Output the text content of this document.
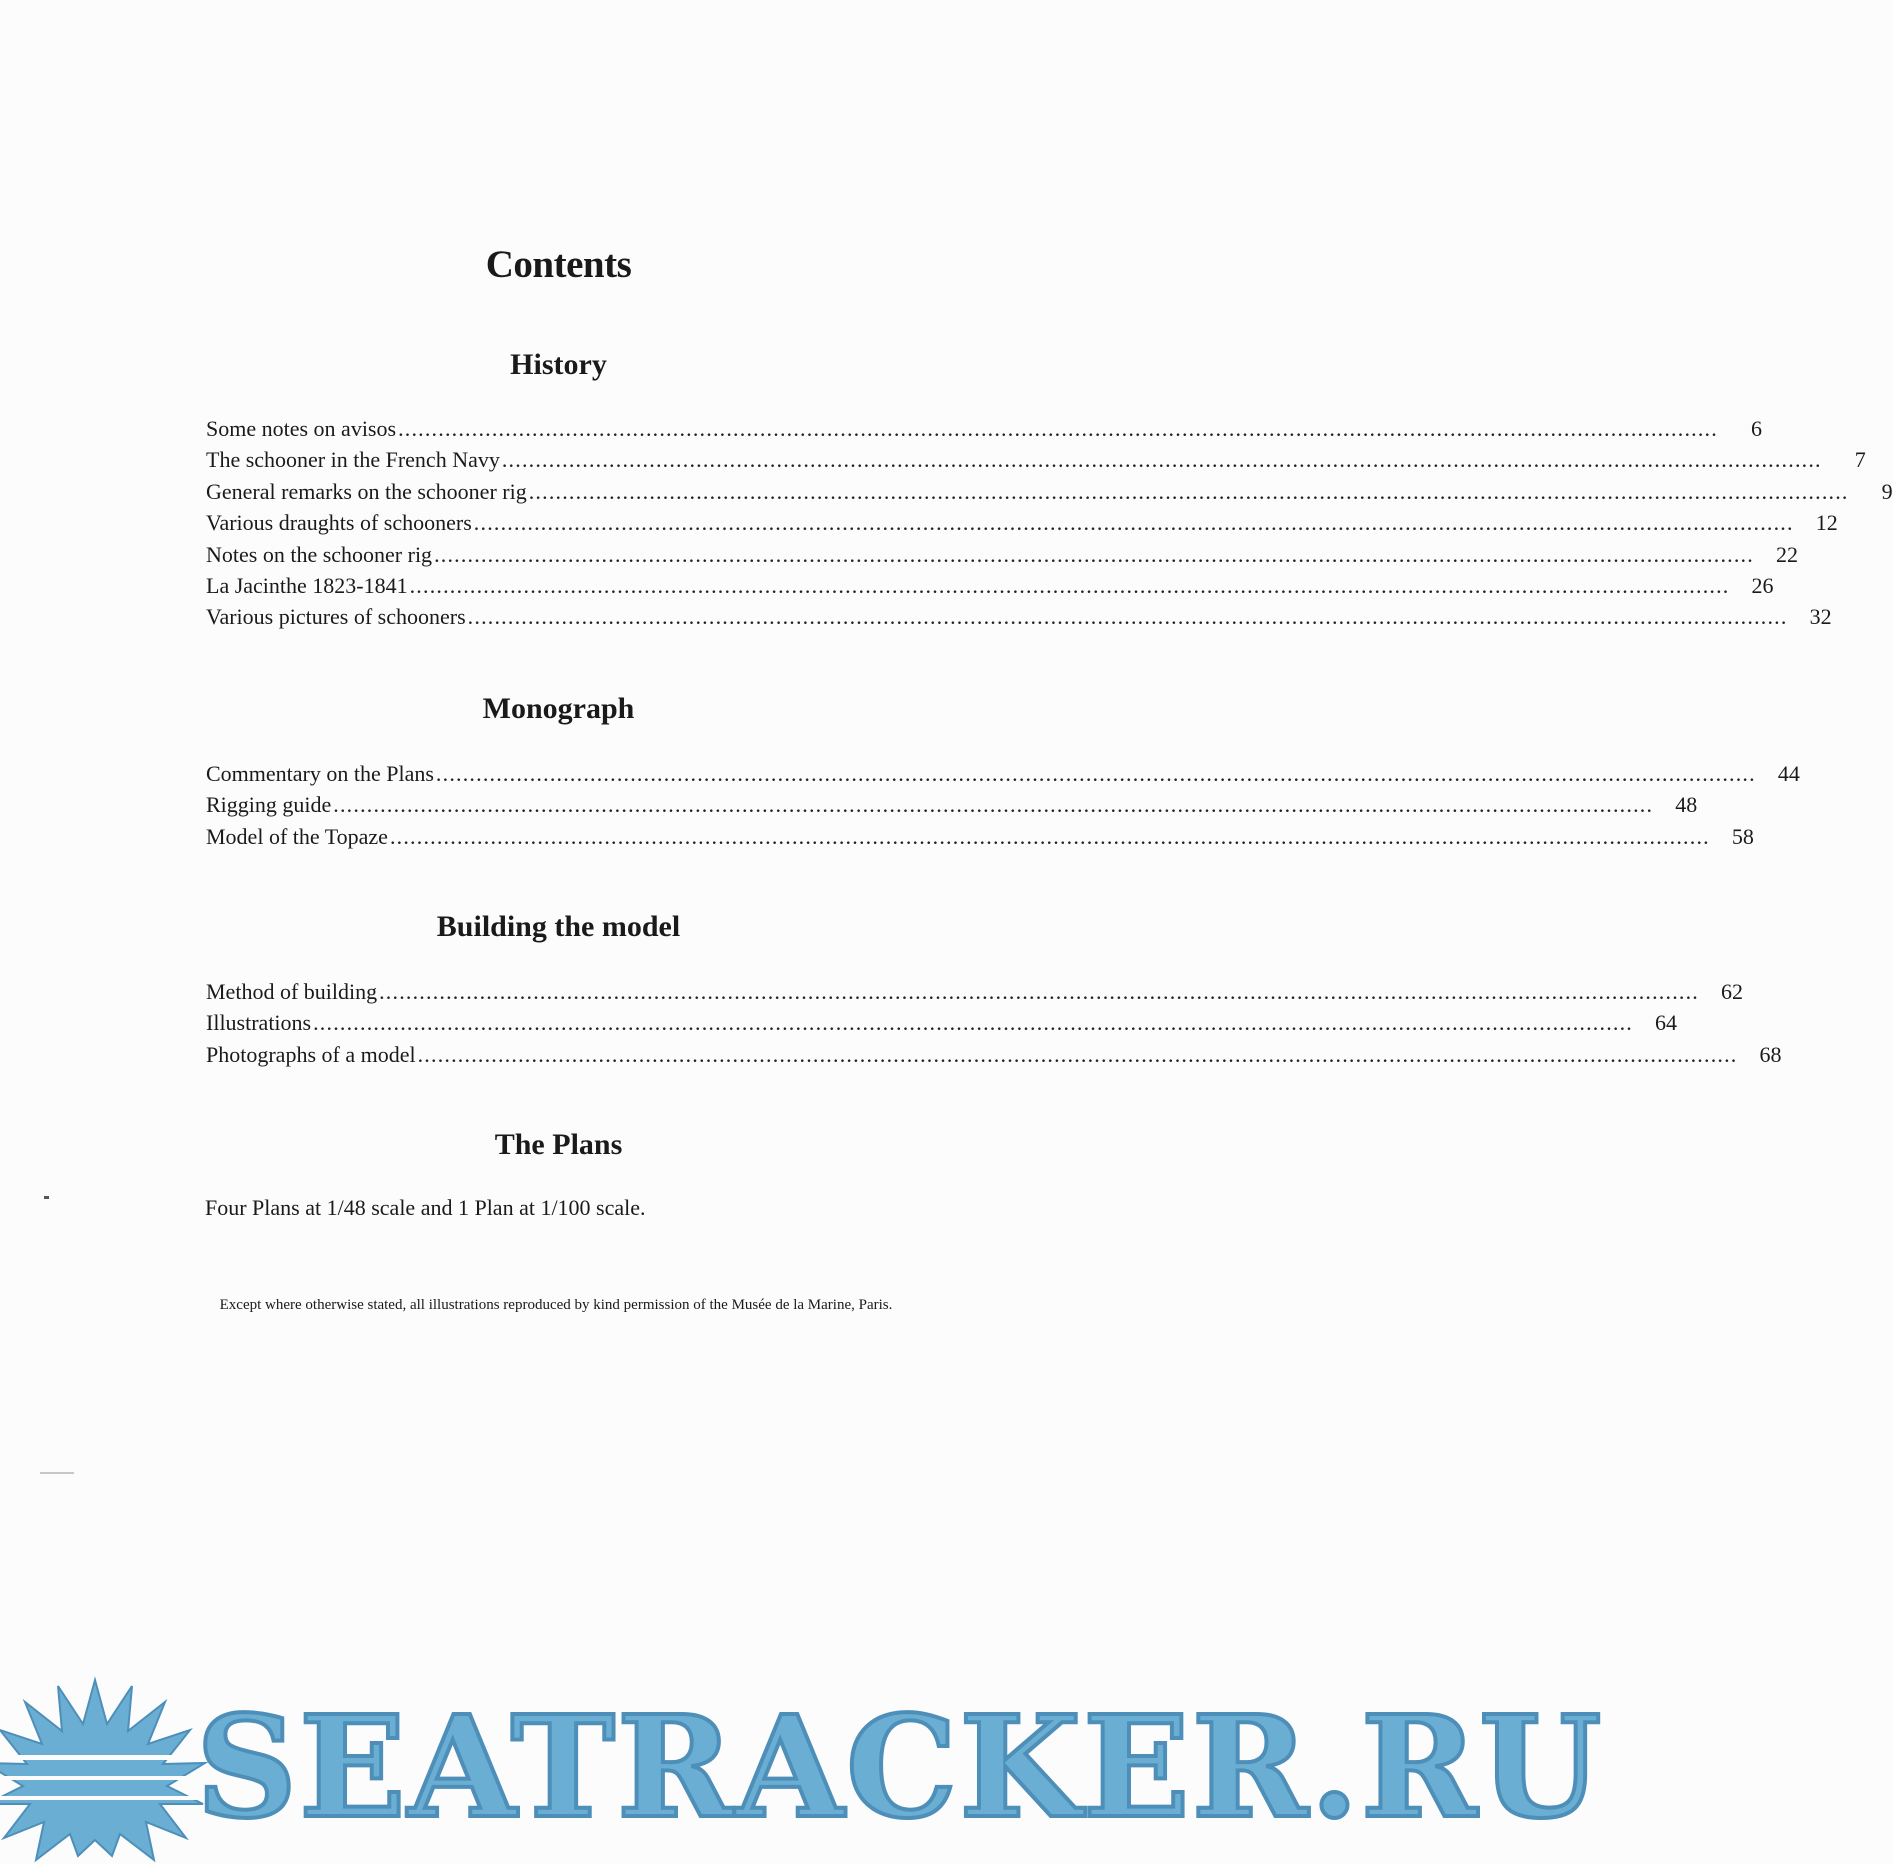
Contents
History
Some notes on avisos .....	6
The schooner in the French Navy .....	7
General remarks on the schooner rig .....	9
Various draughts of schooners .....	12
Notes on the schooner rig .....	22
La Jacinthe 1823-1841 .....	26
Various pictures of schooners .....	32
Monograph
Commentary on the Plans .....	44
Rigging guide .....	48
Model of the Topaze .....	58
Building the model
Method of building .....	62
Illustrations .....	64
Photographs of a model .....	68
The Plans
Four Plans at 1/48 scale and 1 Plan at 1/100 scale.
Except where otherwise stated, all illustrations reproduced by kind permission of the Musée de la Marine, Paris.
SEATRACKER.RU
